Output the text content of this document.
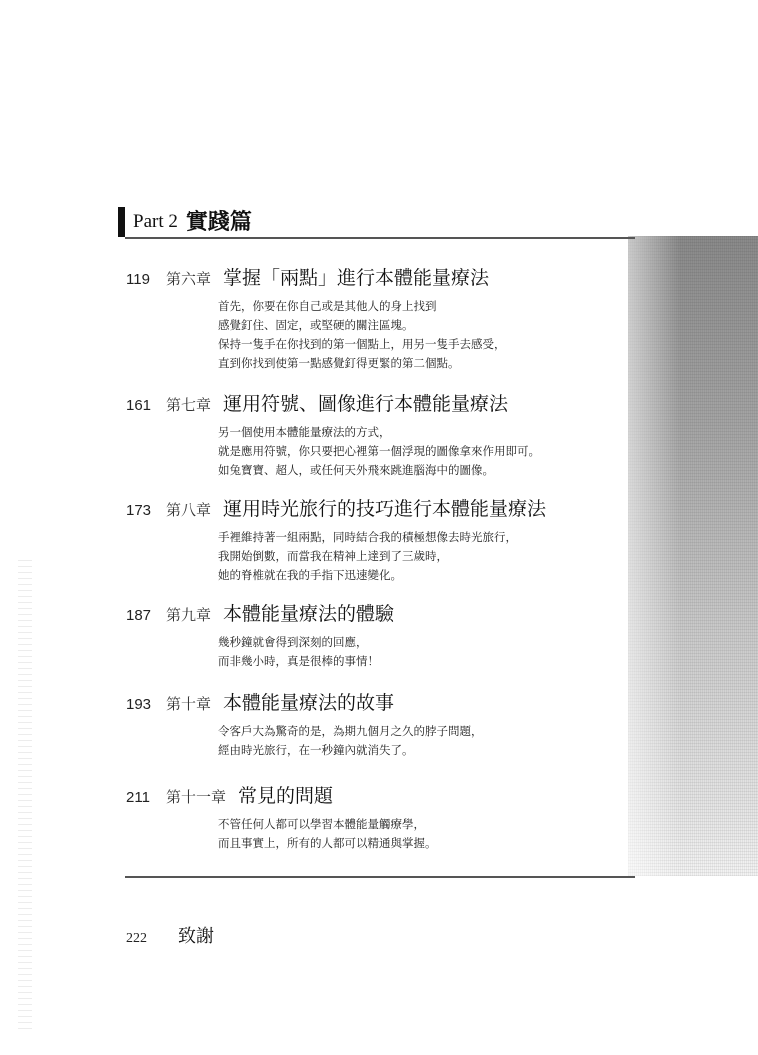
Part 2 實踐篇
119	第六章 掌握「兩點」進行本體能量療法
首先，你要在你自己或是其他人的身上找到
感覺釘住、固定，或堅硬的關注區塊。
保持一隻手在你找到的第一個點上，用另一隻手去感受，
直到你找到使第一點感覺釘得更緊的第二個點。
161 第七章 運用符號、圖像進行本體能量療法
另一個使用本體能量療法的方式，
就是應用符號，你只要把心裡第一個浮現的圖像拿來作用即可。
如兔寶寶、超人，或任何天外飛來跳進腦海中的圖像。
173 第八章 運用時光旅行的技巧進行本體能量療法
手裡維持著一組兩點，同時結合我的積極想像去時光旅行，
我開始倒數，而當我在精神上達到了三歲時，
她的脊椎就在我的手指下迅速變化。
187 第九章 本體能量療法的體驗
幾秒鐘就會得到深刻的回應，
而非幾小時，真是很棒的事情！
193 第十章 本體能量療法的故事
令客戶大為驚奇的是，為期九個月之久的脖子問題，
經由時光旅行，在一秒鐘內就消失了。
211	第十一章 常見的問題
不管任何人都可以學習本體能量觸療學，
而且事實上，所有的人都可以精通與掌握。
222	致謝
